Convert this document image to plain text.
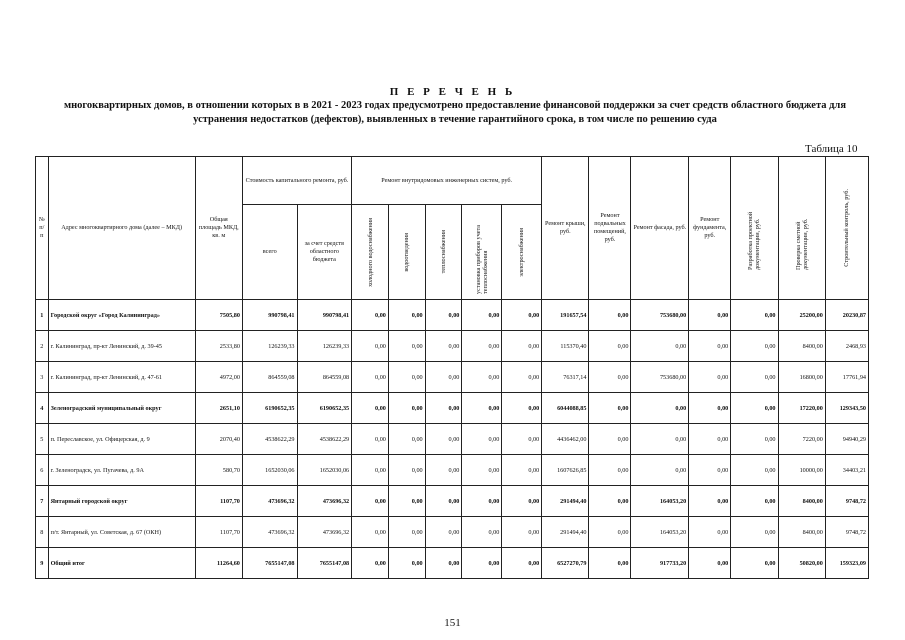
П Е Р Е Ч Е Н Ь
многоквартирных домов, в отношении которых в в 2021 - 2023 годах предусмотрено предоставление финансовой поддержки за счет средств областного бюджета для устранения недостатков (дефектов), выявленных в течение гарантийного срока, в том числе по решению суда
Таблица 10
№ п/п	Адрес многоквартирного дома (далее – МКД)	Общая площадь МКД, кв. м	Стоимость капитального ремонта, руб.		Ремонт внутридомовых инженерных систем, руб.					Ремонт крыши, руб.	Ремонт подвальных помещений, руб.	Ремонт фасада, руб.	Ремонт фундамента, руб.	Разработка проектной документации, руб.	Проверка сметной документации, руб.	Строительный контроль, руб.

			всего	за счет средств областного бюджета	холодного водоснабжения	водоотведения	теплоснабжения	установка приборов учета теплоснабжения	электроснабжения							

1	Городской округ «Город Калининград»	7505,80	990798,41	990798,41	0,00	0,00	0,00	0,00	0,00	191657,54	0,00	753680,00	0,00	0,00	25200,00	20230,87
2	г. Калининград, пр-кт Ленинский, д. 39-45	2533,80	126239,33	126239,33	0,00	0,00	0,00	0,00	0,00	115370,40	0,00	0,00	0,00	0,00	8400,00	2468,93
3	г. Калининград, пр-кт Ленинский, д. 47-61	4972,00	864559,08	864559,08	0,00	0,00	0,00	0,00	0,00	76317,14	0,00	753680,00	0,00	0,00	16800,00	17761,94
4	Зеленоградский муниципальный округ	2651,10	6190652,35	6190652,35	0,00	0,00	0,00	0,00	0,00	6044088,85	0,00	0,00	0,00	0,00	17220,00	129343,50
5	п. Переславское, ул. Офицерская, д. 9	2070,40	4538622,29	4538622,29	0,00	0,00	0,00	0,00	0,00	4436462,00	0,00	0,00	0,00	0,00	7220,00	94940,29
6	г. Зеленоградск, ул. Пугачева, д. 9А	580,70	1652030,06	1652030,06	0,00	0,00	0,00	0,00	0,00	1607626,85	0,00	0,00	0,00	0,00	10000,00	34403,21
7	Янтарный городской округ	1107,70	473696,32	473696,32	0,00	0,00	0,00	0,00	0,00	291494,40	0,00	164053,20	0,00	0,00	8400,00	9748,72
8	п/т. Янтарный, ул. Советская, д. 67 (ОКН)	1107,70	473696,32	473696,32	0,00	0,00	0,00	0,00	0,00	291494,40	0,00	164053,20	0,00	0,00	8400,00	9748,72
9	Общий итог	11264,60	7655147,08	7655147,08	0,00	0,00	0,00	0,00	0,00	6527270,79	0,00	917733,20	0,00	0,00	50820,00	159323,09
151
